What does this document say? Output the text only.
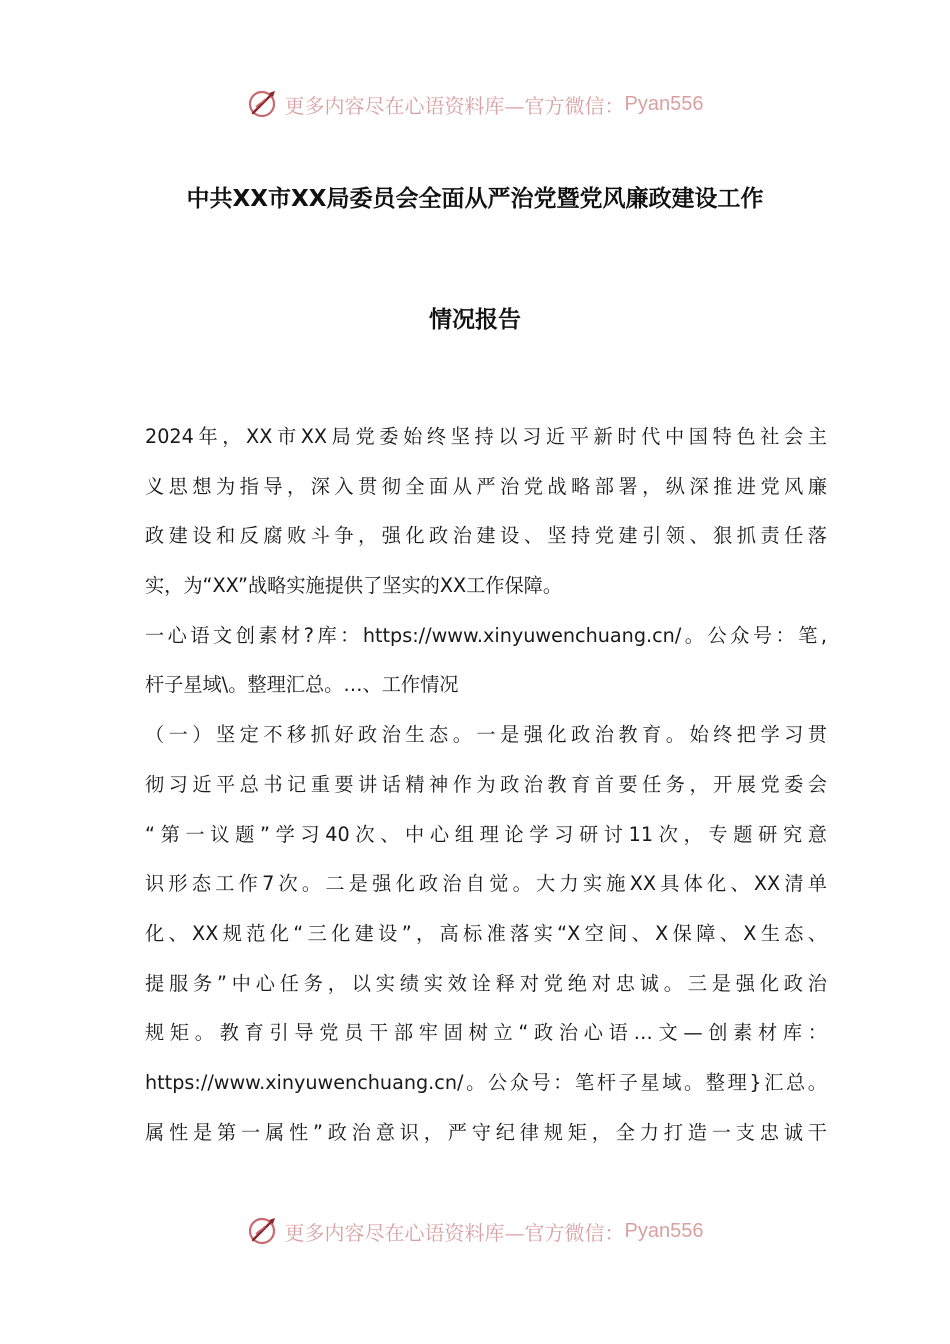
更多内容尽在心语资料库—官方微信： Pyan556
中共XX市XX局委员会全面从严治党暨党风廉政建设工作
情况报告
2024年，XX市XX局党委始终坚持以习近平新时代中国特色社会主
义思想为指导，深入贯彻全面从严治党战略部署，纵深推进党风廉
政建设和反腐败斗争，强化政治建设、坚持党建引领、狠抓责任落
实，为“XX”战略实施提供了坚实的XX工作保障。
一心语文创素材?库：https://www.xinyuwenchuang.cn/。公众号：笔,
杆子星域\。整理汇总。…、工作情况
（一）坚定不移抓好政治生态。一是强化政治教育。始终把学习贯
彻习近平总书记重要讲话精神作为政治教育首要任务，开展党委会
“第一议题”学习40次、中心组理论学习研讨11次，专题研究意
识形态工作7次。二是强化政治自觉。大力实施XX具体化、XX清单
化、XX规范化“三化建设”，高标准落实“X空间、X保障、X生态、
提服务”中心任务，以实绩实效诠释对党绝对忠诚。三是强化政治
规矩。教育引导党员干部牢固树立“政治心语…文—创素材库：
https://www.xinyuwenchuang.cn/。公众号：笔杆子星域。整理}汇总。
属性是第一属性”政治意识，严守纪律规矩，全力打造一支忠诚干
更多内容尽在心语资料库—官方微信： Pyan556
